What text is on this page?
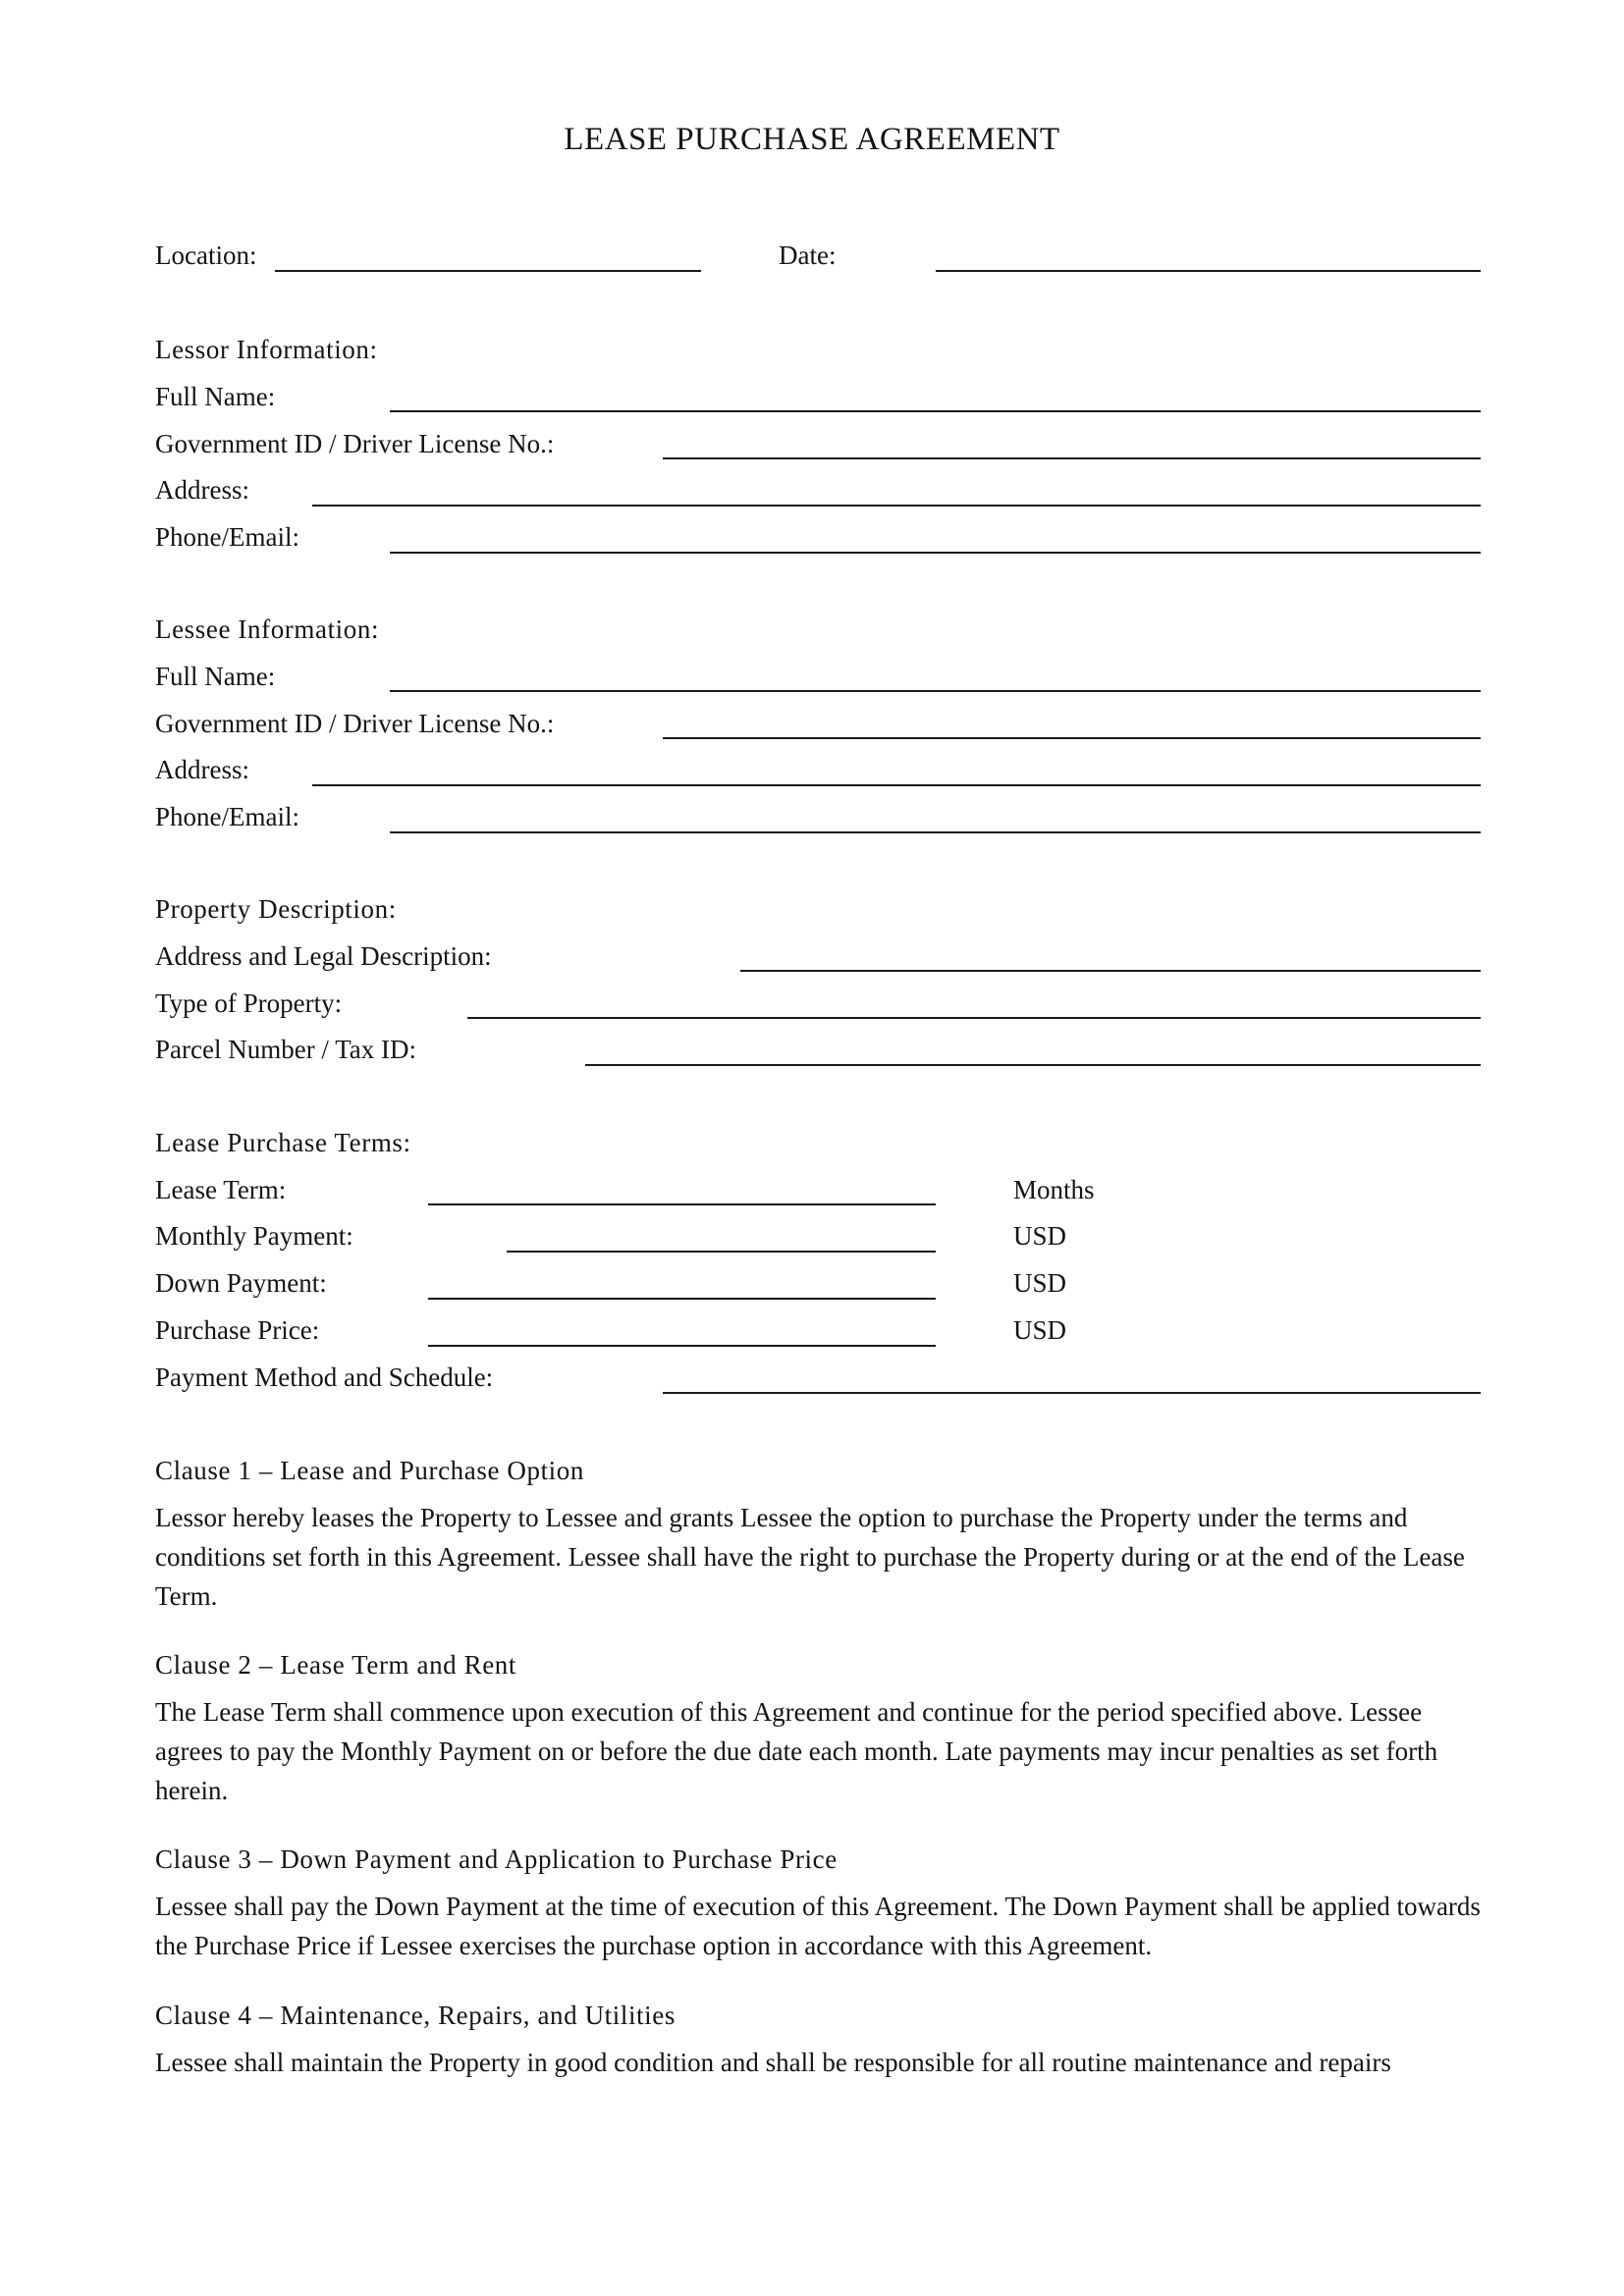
LEASE PURCHASE AGREEMENT
Location:	Date:
Lessor Information:
Full Name:
Government ID / Driver License No.:
Address:
Phone/Email:
Lessee Information:
Full Name:
Government ID / Driver License No.:
Address:
Phone/Email:
Property Description:
Address and Legal Description:
Type of Property:
Parcel Number / Tax ID:
Lease Purchase Terms:
Lease Term:	Months
Monthly Payment:	USD
Down Payment:	USD
Purchase Price:	USD
Payment Method and Schedule:
Clause 1 – Lease and Purchase Option
Lessor hereby leases the Property to Lessee and grants Lessee the option to purchase the Property under the terms and conditions set forth in this Agreement. Lessee shall have the right to purchase the Property during or at the end of the Lease Term.
Clause 2 – Lease Term and Rent
The Lease Term shall commence upon execution of this Agreement and continue for the period specified above. Lessee agrees to pay the Monthly Payment on or before the due date each month. Late payments may incur penalties as set forth herein.
Clause 3 – Down Payment and Application to Purchase Price
Lessee shall pay the Down Payment at the time of execution of this Agreement. The Down Payment shall be applied towards the Purchase Price if Lessee exercises the purchase option in accordance with this Agreement.
Clause 4 – Maintenance, Repairs, and Utilities
Lessee shall maintain the Property in good condition and shall be responsible for all routine maintenance and repairs
